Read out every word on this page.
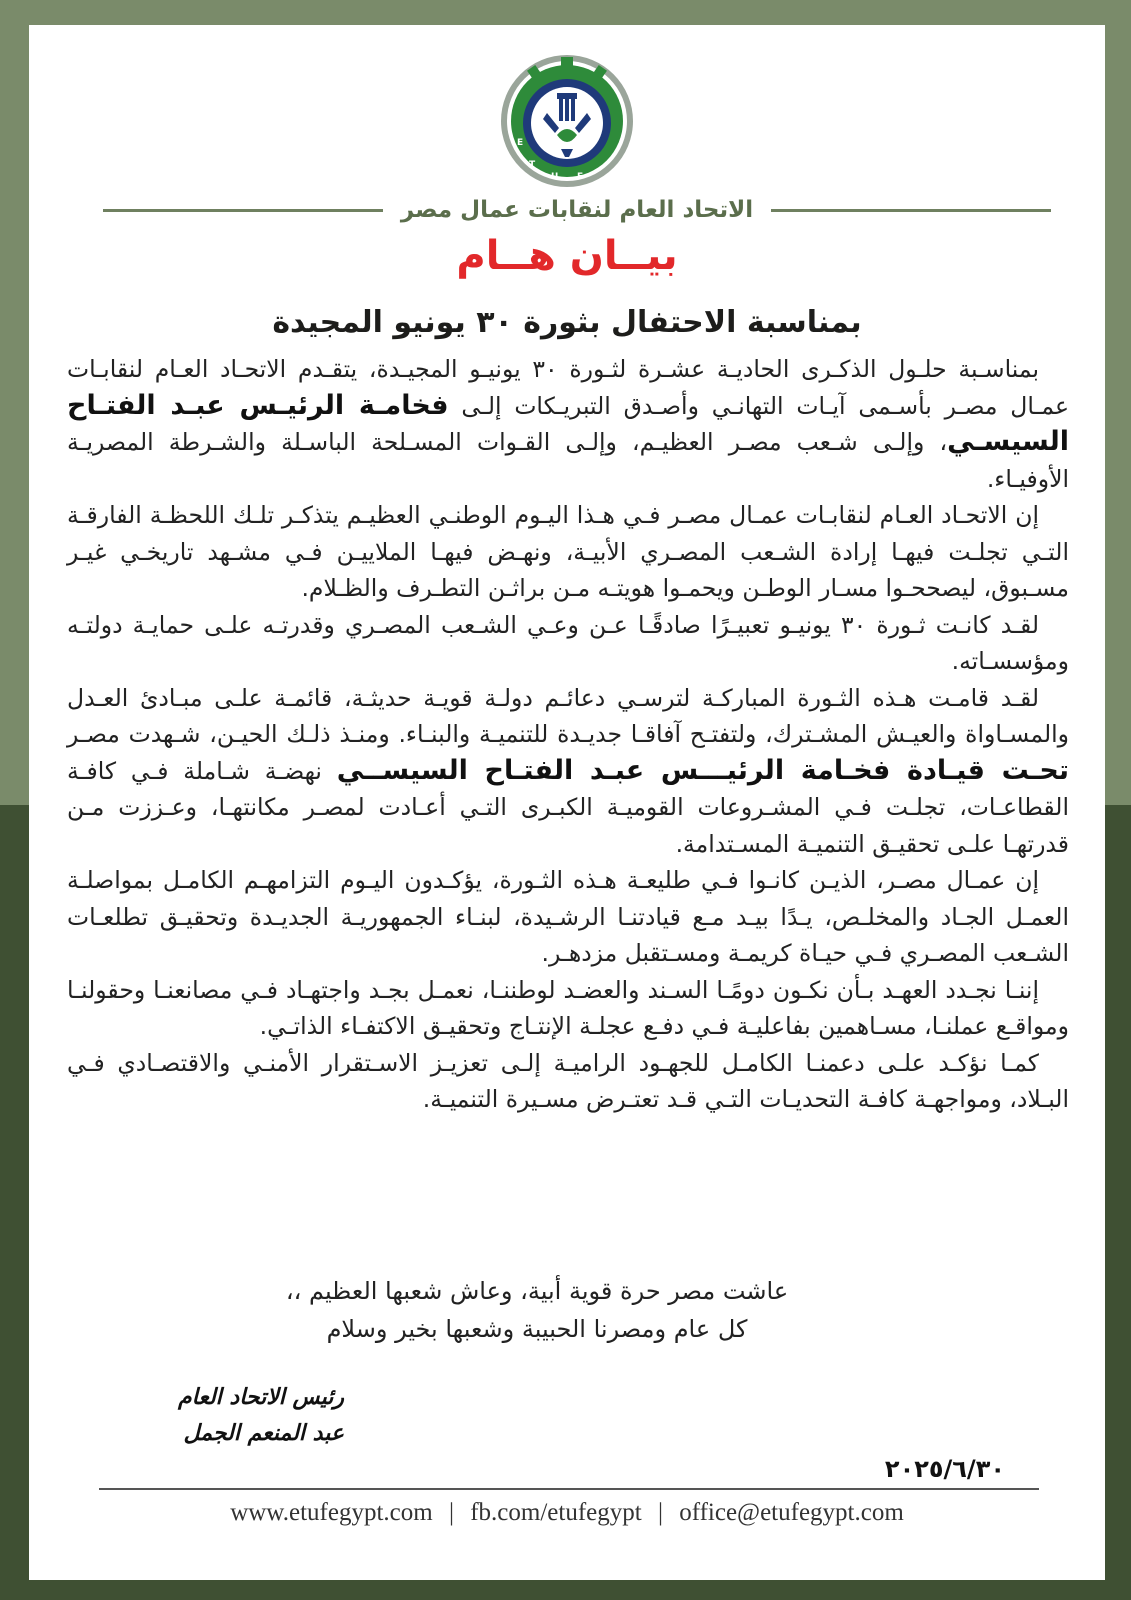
E
T
U F
الاتحاد العام لنقابات عمال مصر
بيــان هــام
بمناسبة الاحتفال بثورة ٣٠ يونيو المجيدة

بمناسـبة حلـول الذكـرى الحاديـة عشـرة لثـورة ٣٠ يونيـو المجيـدة، يتقـدم الاتحـاد العـام لنقابـات عمـال مصـر بأسـمى آيـات التهانـي وأصـدق التبريـكات إلـى فخامـة الرئيـس عبـد الفتـاح السيسـي، وإلـى شـعب مصـر العظيـم، وإلـى القـوات المسـلحة الباسـلة والشـرطة المصريـة الأوفيـاء.

إن الاتحـاد العـام لنقابـات عمـال مصـر فـي هـذا اليـوم الوطنـي العظيـم يتذكـر تلـك اللحظـة الفارقـة التـي تجلـت فيهـا إرادة الشـعب المصـري الأبيـة، ونهـض فيهـا الملاييـن فـي مشـهد تاريخـي غيـر مسـبوق، ليصححـوا مسـار الوطـن ويحمـوا هويتـه مـن براثـن التطـرف والظـلام.

لقـد كانـت ثـورة ٣٠ يونيـو تعبيـرًا صادقًـا عـن وعـي الشـعب المصـري وقدرتـه علـى حمايـة دولتـه ومؤسسـاته.

لقـد قامـت هـذه الثـورة المباركـة لترسـي دعائـم دولـة قويـة حديثـة، قائمـة علـى مبـادئ العـدل والمسـاواة والعيـش المشـترك، ولتفتـح آفاقـا جديـدة للتنميـة والبنـاء. ومنـذ ذلـك الحيـن، شـهدت مصـر تحـت قيـادة فخـامة الرئيـــس عبـد الفتـاح السيســي نهضـة شـاملة فـي كافـة القطاعـات، تجلـت فـي المشـروعات القوميـة الكبـرى التـي أعـادت لمصـر مكانتهـا، وعـززت مـن قدرتهـا علـى تحقيـق التنميـة المسـتدامة.

إن عمـال مصـر، الذيـن كانـوا فـي طليعـة هـذه الثـورة، يؤكـدون اليـوم التزامهـم الكامـل بمواصلـة العمـل الجـاد والمخلـص، يـدًا بيـد مـع قيادتنـا الرشـيدة، لبنـاء الجمهوريـة الجديـدة وتحقيـق تطلعـات الشـعب المصـري فـي حيـاة كريمـة ومسـتقبل مزدهـر.

إننـا نجـدد العهـد بـأن نكـون دومًـا السـند والعضـد لوطننـا، نعمـل بجـد واجتهـاد فـي مصانعنـا وحقولنـا ومواقـع عملنـا، مسـاهمين بفاعليـة فـي دفـع عجلـة الإنتـاج وتحقيـق الاكتفـاء الذاتـي.

كمـا نؤكـد علـى دعمنـا الكامـل للجهـود الراميـة إلـى تعزيـز الاسـتقرار الأمنـي والاقتصـادي فـي البـلاد، ومواجهـة كافـة التحديـات التـي قـد تعتـرض مسـيرة التنميـة.

عاشت مصر حرة قوية أبية، وعاش شعبها العظيم ،،
كل عام ومصرنا الحبيبة وشعبها بخير وسلام
رئيس الاتحاد العام
عبد المنعم الجمل
٢٠٢٥/٦/٣٠
www.etufegypt.com | fb.com/etufegypt | office@etufegypt.com
